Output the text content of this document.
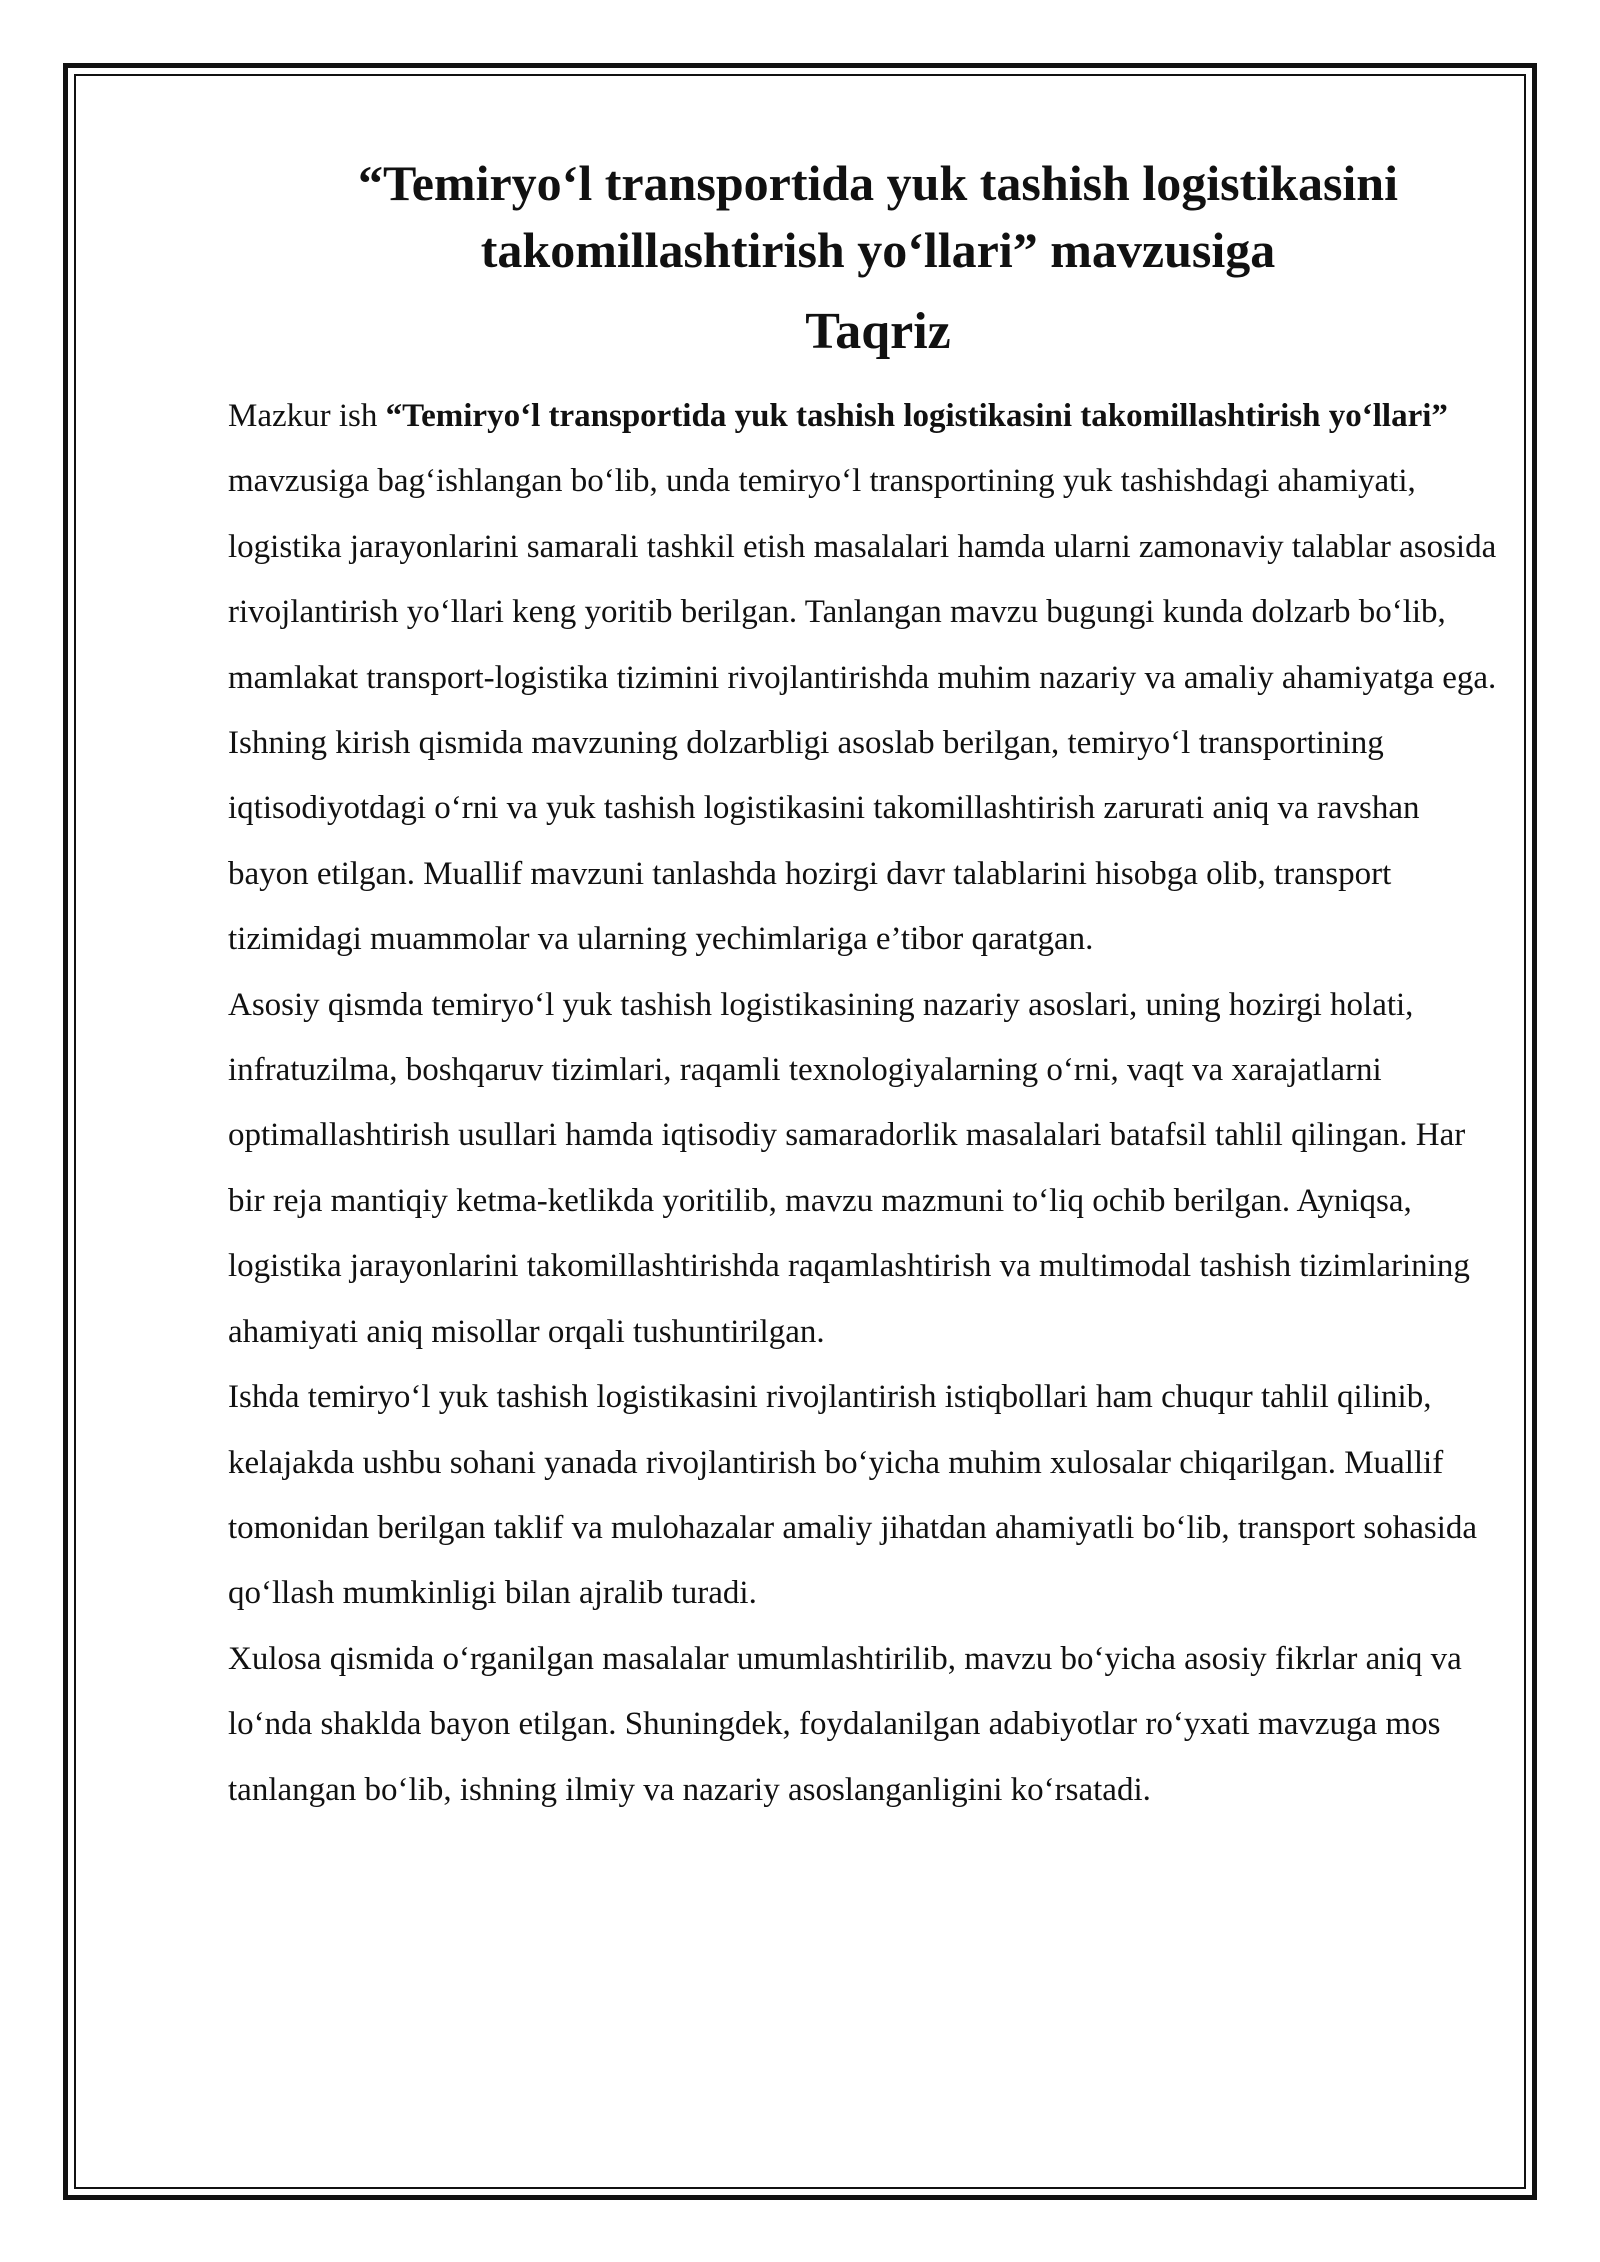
“Temiryo‘l transportida yuk tashish logistikasini takomillashtirish yo‘llari” mavzusiga
Taqriz

Mazkur ish “Temiryo‘l transportida yuk tashish logistikasini takomillashtirish yo‘llari” mavzusiga bag‘ishlangan bo‘lib, unda temiryo‘l transportining yuk tashishdagi ahamiyati, logistika jarayonlarini samarali tashkil etish masalalari hamda ularni zamonaviy talablar asosida rivojlantirish yo‘llari keng yoritib berilgan. Tanlangan mavzu bugungi kunda dolzarb bo‘lib, mamlakat transport-logistika tizimini rivojlantirishda muhim nazariy va amaliy ahamiyatga ega.

Ishning kirish qismida mavzuning dolzarbligi asoslab berilgan, temiryo‘l transportining iqtisodiyotdagi o‘rni va yuk tashish logistikasini takomillashtirish zarurati aniq va ravshan bayon etilgan. Muallif mavzuni tanlashda hozirgi davr talablarini hisobga olib, transport tizimidagi muammolar va ularning yechimlariga e’tibor qaratgan.

Asosiy qismda temiryo‘l yuk tashish logistikasining nazariy asoslari, uning hozirgi holati, infratuzilma, boshqaruv tizimlari, raqamli texnologiyalarning o‘rni, vaqt va xarajatlarni optimallashtirish usullari hamda iqtisodiy samaradorlik masalalari batafsil tahlil qilingan. Har bir reja mantiqiy ketma-ketlikda yoritilib, mavzu mazmuni to‘liq ochib berilgan. Ayniqsa, logistika jarayonlarini takomillashtirishda raqamlashtirish va multimodal tashish tizimlarining ahamiyati aniq misollar orqali tushuntirilgan.

Ishda temiryo‘l yuk tashish logistikasini rivojlantirish istiqbollari ham chuqur tahlil qilinib, kelajakda ushbu sohani yanada rivojlantirish bo‘yicha muhim xulosalar chiqarilgan. Muallif tomonidan berilgan taklif va mulohazalar amaliy jihatdan ahamiyatli bo‘lib, transport sohasida qo‘llash mumkinligi bilan ajralib turadi.

Xulosa qismida o‘rganilgan masalalar umumlashtirilib, mavzu bo‘yicha asosiy fikrlar aniq va lo‘nda shaklda bayon etilgan. Shuningdek, foydalanilgan adabiyotlar ro‘yxati mavzuga mos tanlangan bo‘lib, ishning ilmiy va nazariy asoslanganligini ko‘rsatadi.
